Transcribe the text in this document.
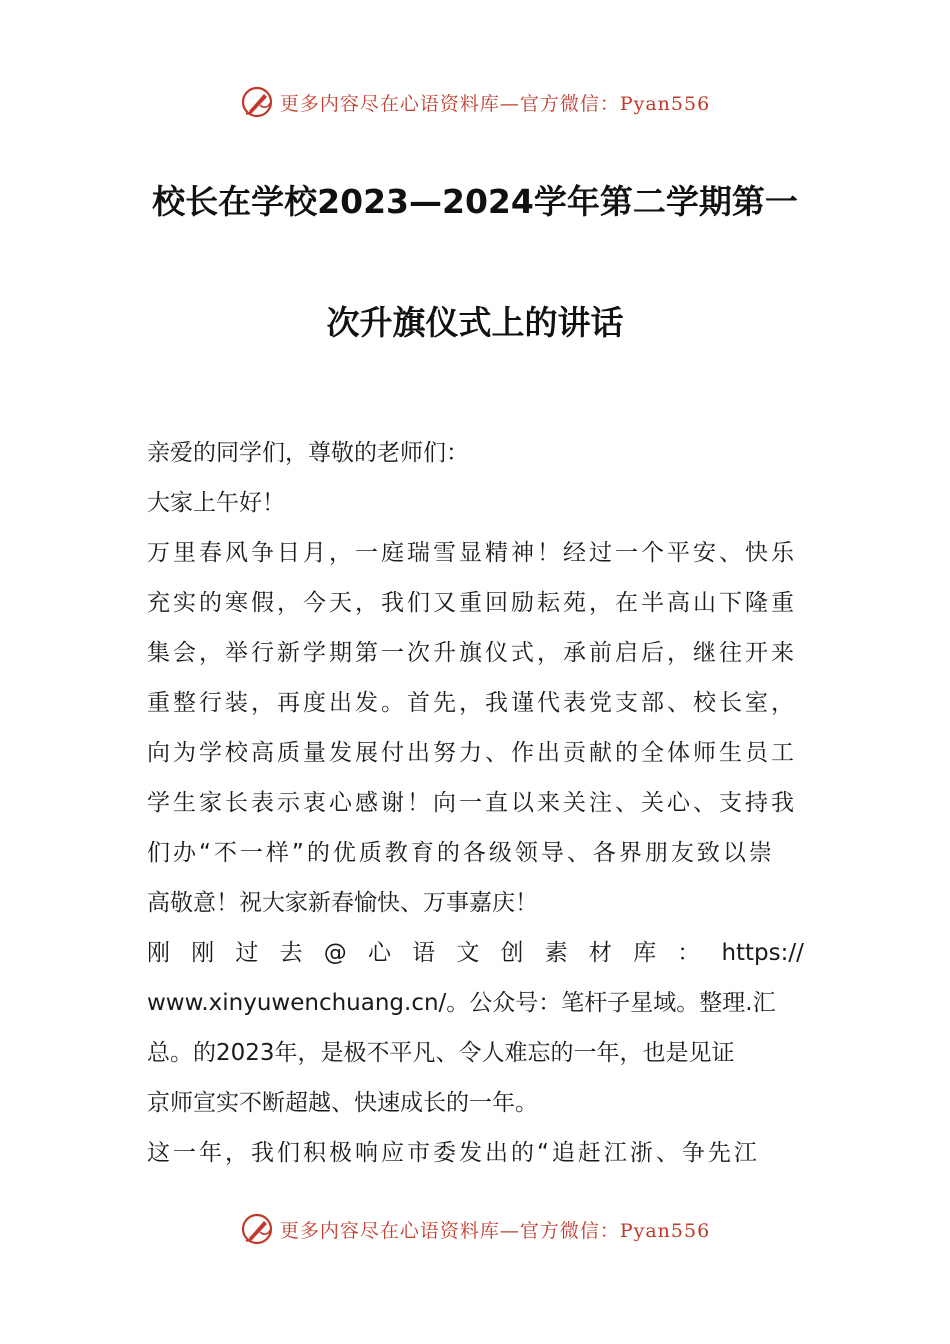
更多内容尽在心语资料库—官方微信：Pyan556
校长在学校2023—2024学年第二学期第一
次升旗仪式上的讲话
亲爱的同学们，尊敬的老师们：
大家上午好！
万里春风争日月，一庭瑞雪显精神！经过一个平安、快乐
充实的寒假，今天，我们又重回励耘苑，在半高山下隆重
集会，举行新学期第一次升旗仪式，承前启后，继往开来
重整行装，再度出发。首先，我谨代表党支部、校长室，
向为学校高质量发展付出努力、作出贡献的全体师生员工
学生家长表示衷心感谢！向一直以来关注、关心、支持我
们办“不一样”的优质教育的各级领导、各界朋友致以崇
高敬意！祝大家新春愉快、万事嘉庆！
刚 刚 过 去 @ 心 语 文 创 素 材 库 ： https://
www.xinyuwenchuang.cn/。公众号：笔杆子星域。整理.汇
总。的2023年，是极不平凡、令人难忘的一年，也是见证
京师宣实不断超越、快速成长的一年。
这一年，我们积极响应市委发出的“追赶江浙、争先江
更多内容尽在心语资料库—官方微信：Pyan556
